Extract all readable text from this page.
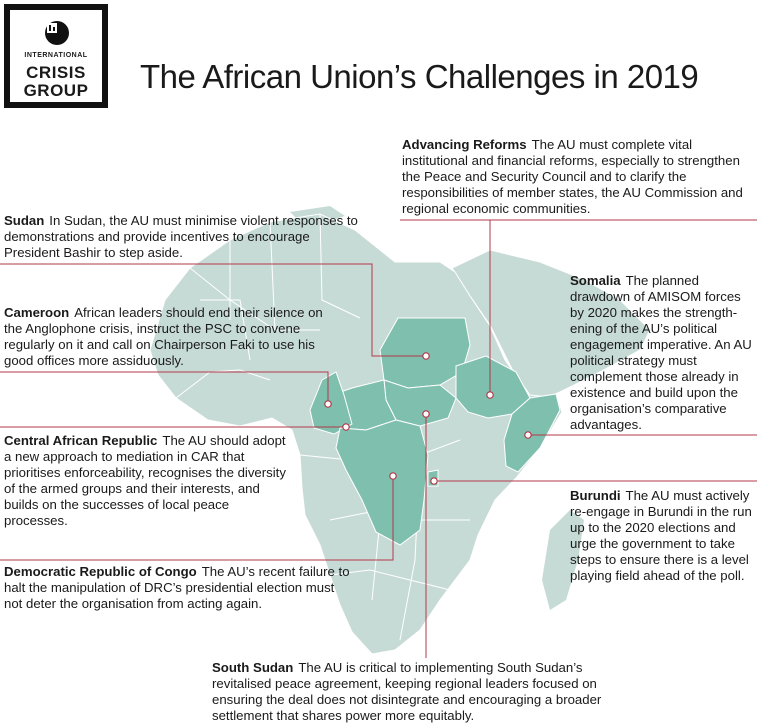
INTERNATIONAL
CRISIS
GROUP	The African Union’s Challenges in 2019

Advancing Reforms The AU must complete vital institutional and financial reforms, especially to strengthen the Peace and Security Council and to clarify the responsibilities of member states, the AU Commission and regional economic communities.

Sudan In Sudan, the AU must minimise violent responses to demonstrations and provide incentives to encourage President Bashir to step aside.

Somalia The planned drawdown of AMISOM forces by 2020 makes the strength-ening of the AU’s political engagement imperative. An AU political strategy must complement those already in existence and build upon the organisation’s comparative advantages.

Cameroon African leaders should end their silence on the Anglophone crisis, instruct the PSC to convene regularly on it and call on Chairperson Faki to use his good offices more assiduously.

Central African Republic The AU should adopt a new approach to mediation in CAR that prioritises enforceability, recognises the diversity of the armed groups and their interests, and builds on the successes of local peace processes.

Burundi The AU must actively re-engage in Burundi in the run up to the 2020 elections and urge the government to take steps to ensure there is a level playing field ahead of the poll.

Democratic Republic of Congo The AU’s recent failure to halt the manipulation of DRC’s presidential election must not deter the organisation from acting again.

South Sudan The AU is critical to implementing South Sudan’s revitalised peace agreement, keeping regional leaders focused on ensuring the deal does not disintegrate and encouraging a broader settlement that shares power more equitably.
